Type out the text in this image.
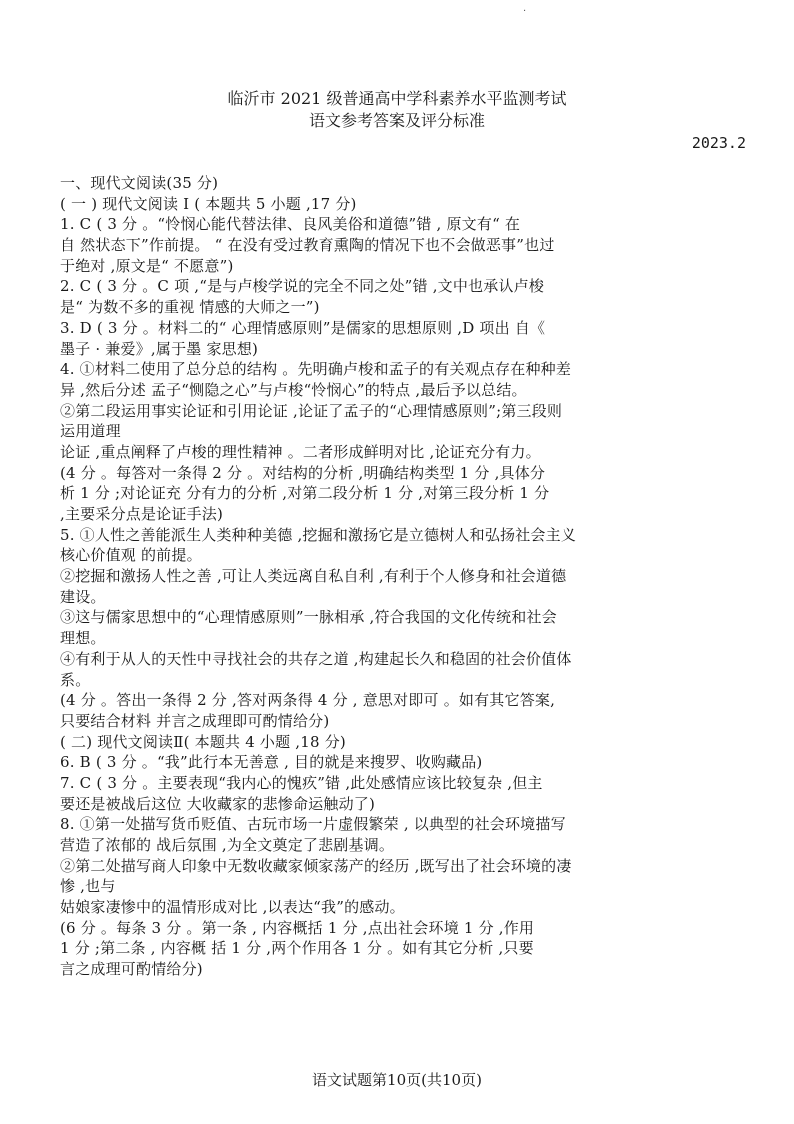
·
临沂市 2021 级普通高中学科素养水平监测考试
语文参考答案及评分标准
2023.2
一、现代文阅读(35 分)
( 一 ) 现代文阅读 I ( 本题共 5 小题 ,17 分)
1. C ( 3 分 。“怜悯心能代替法律、良风美俗和道德”错 , 原文有“ 在
自 然状态下”作前提。 “ 在没有受过教育熏陶的情况下也不会做恶事”也过
于绝对 ,原文是“ 不愿意”)
2. C ( 3 分 。C 项 ,“是与卢梭学说的完全不同之处”错 ,文中也承认卢梭
是“ 为数不多的重视 情感的大师之一”)
3. D ( 3 分 。材料二的“ 心理情感原则”是儒家的思想原则 ,D 项出 自《
墨子 · 兼爱》,属于墨 家思想)
4. ①材料二使用了总分总的结构 。先明确卢梭和孟子的有关观点存在种种差
异 ,然后分述 孟子“恻隐之心”与卢梭“怜悯心”的特点 ,最后予以总结。
②第二段运用事实论证和引用论证 ,论证了孟子的“心理情感原则”;第三段则
运用道理
论证 ,重点阐释了卢梭的理性精神 。二者形成鲜明对比 ,论证充分有力。
(4 分 。每答对一条得 2 分 。对结构的分析 ,明确结构类型 1 分 ,具体分
析 1 分 ;对论证充 分有力的分析 ,对第二段分析 1 分 ,对第三段分析 1 分
,主要采分点是论证手法)
5. ①人性之善能派生人类种种美德 ,挖掘和激扬它是立德树人和弘扬社会主义
核心价值观 的前提。
②挖掘和激扬人性之善 ,可让人类远离自私自利 ,有利于个人修身和社会道德
建设。
③这与儒家思想中的“心理情感原则”一脉相承 ,符合我国的文化传统和社会
理想。
④有利于从人的天性中寻找社会的共存之道 ,构建起长久和稳固的社会价值体
系。
(4 分 。答出一条得 2 分 ,答对两条得 4 分 , 意思对即可 。如有其它答案,
只要结合材料 并言之成理即可酌情给分)
( 二) 现代文阅读Ⅱ( 本题共 4 小题 ,18 分)
6. B ( 3 分 。“我”此行本无善意 , 目的就是来搜罗、收购藏品)
7. C ( 3 分 。主要表现“我内心的愧疚”错 ,此处感情应该比较复杂 ,但主
要还是被战后这位 大收藏家的悲惨命运触动了)
8. ①第一处描写货币贬值、古玩市场一片虚假繁荣 , 以典型的社会环境描写
营造了浓郁的 战后氛围 ,为全文奠定了悲剧基调。
②第二处描写商人印象中无数收藏家倾家荡产的经历 ,既写出了社会环境的凄
惨 ,也与
姑娘家凄惨中的温情形成对比 ,以表达“我”的感动。
(6 分 。每条 3 分 。第一条 , 内容概括 1 分 ,点出社会环境 1 分 ,作用
1 分 ;第二条 , 内容概 括 1 分 ,两个作用各 1 分 。如有其它分析 ,只要
言之成理可酌情给分)
语文试题第10页(共10页)
